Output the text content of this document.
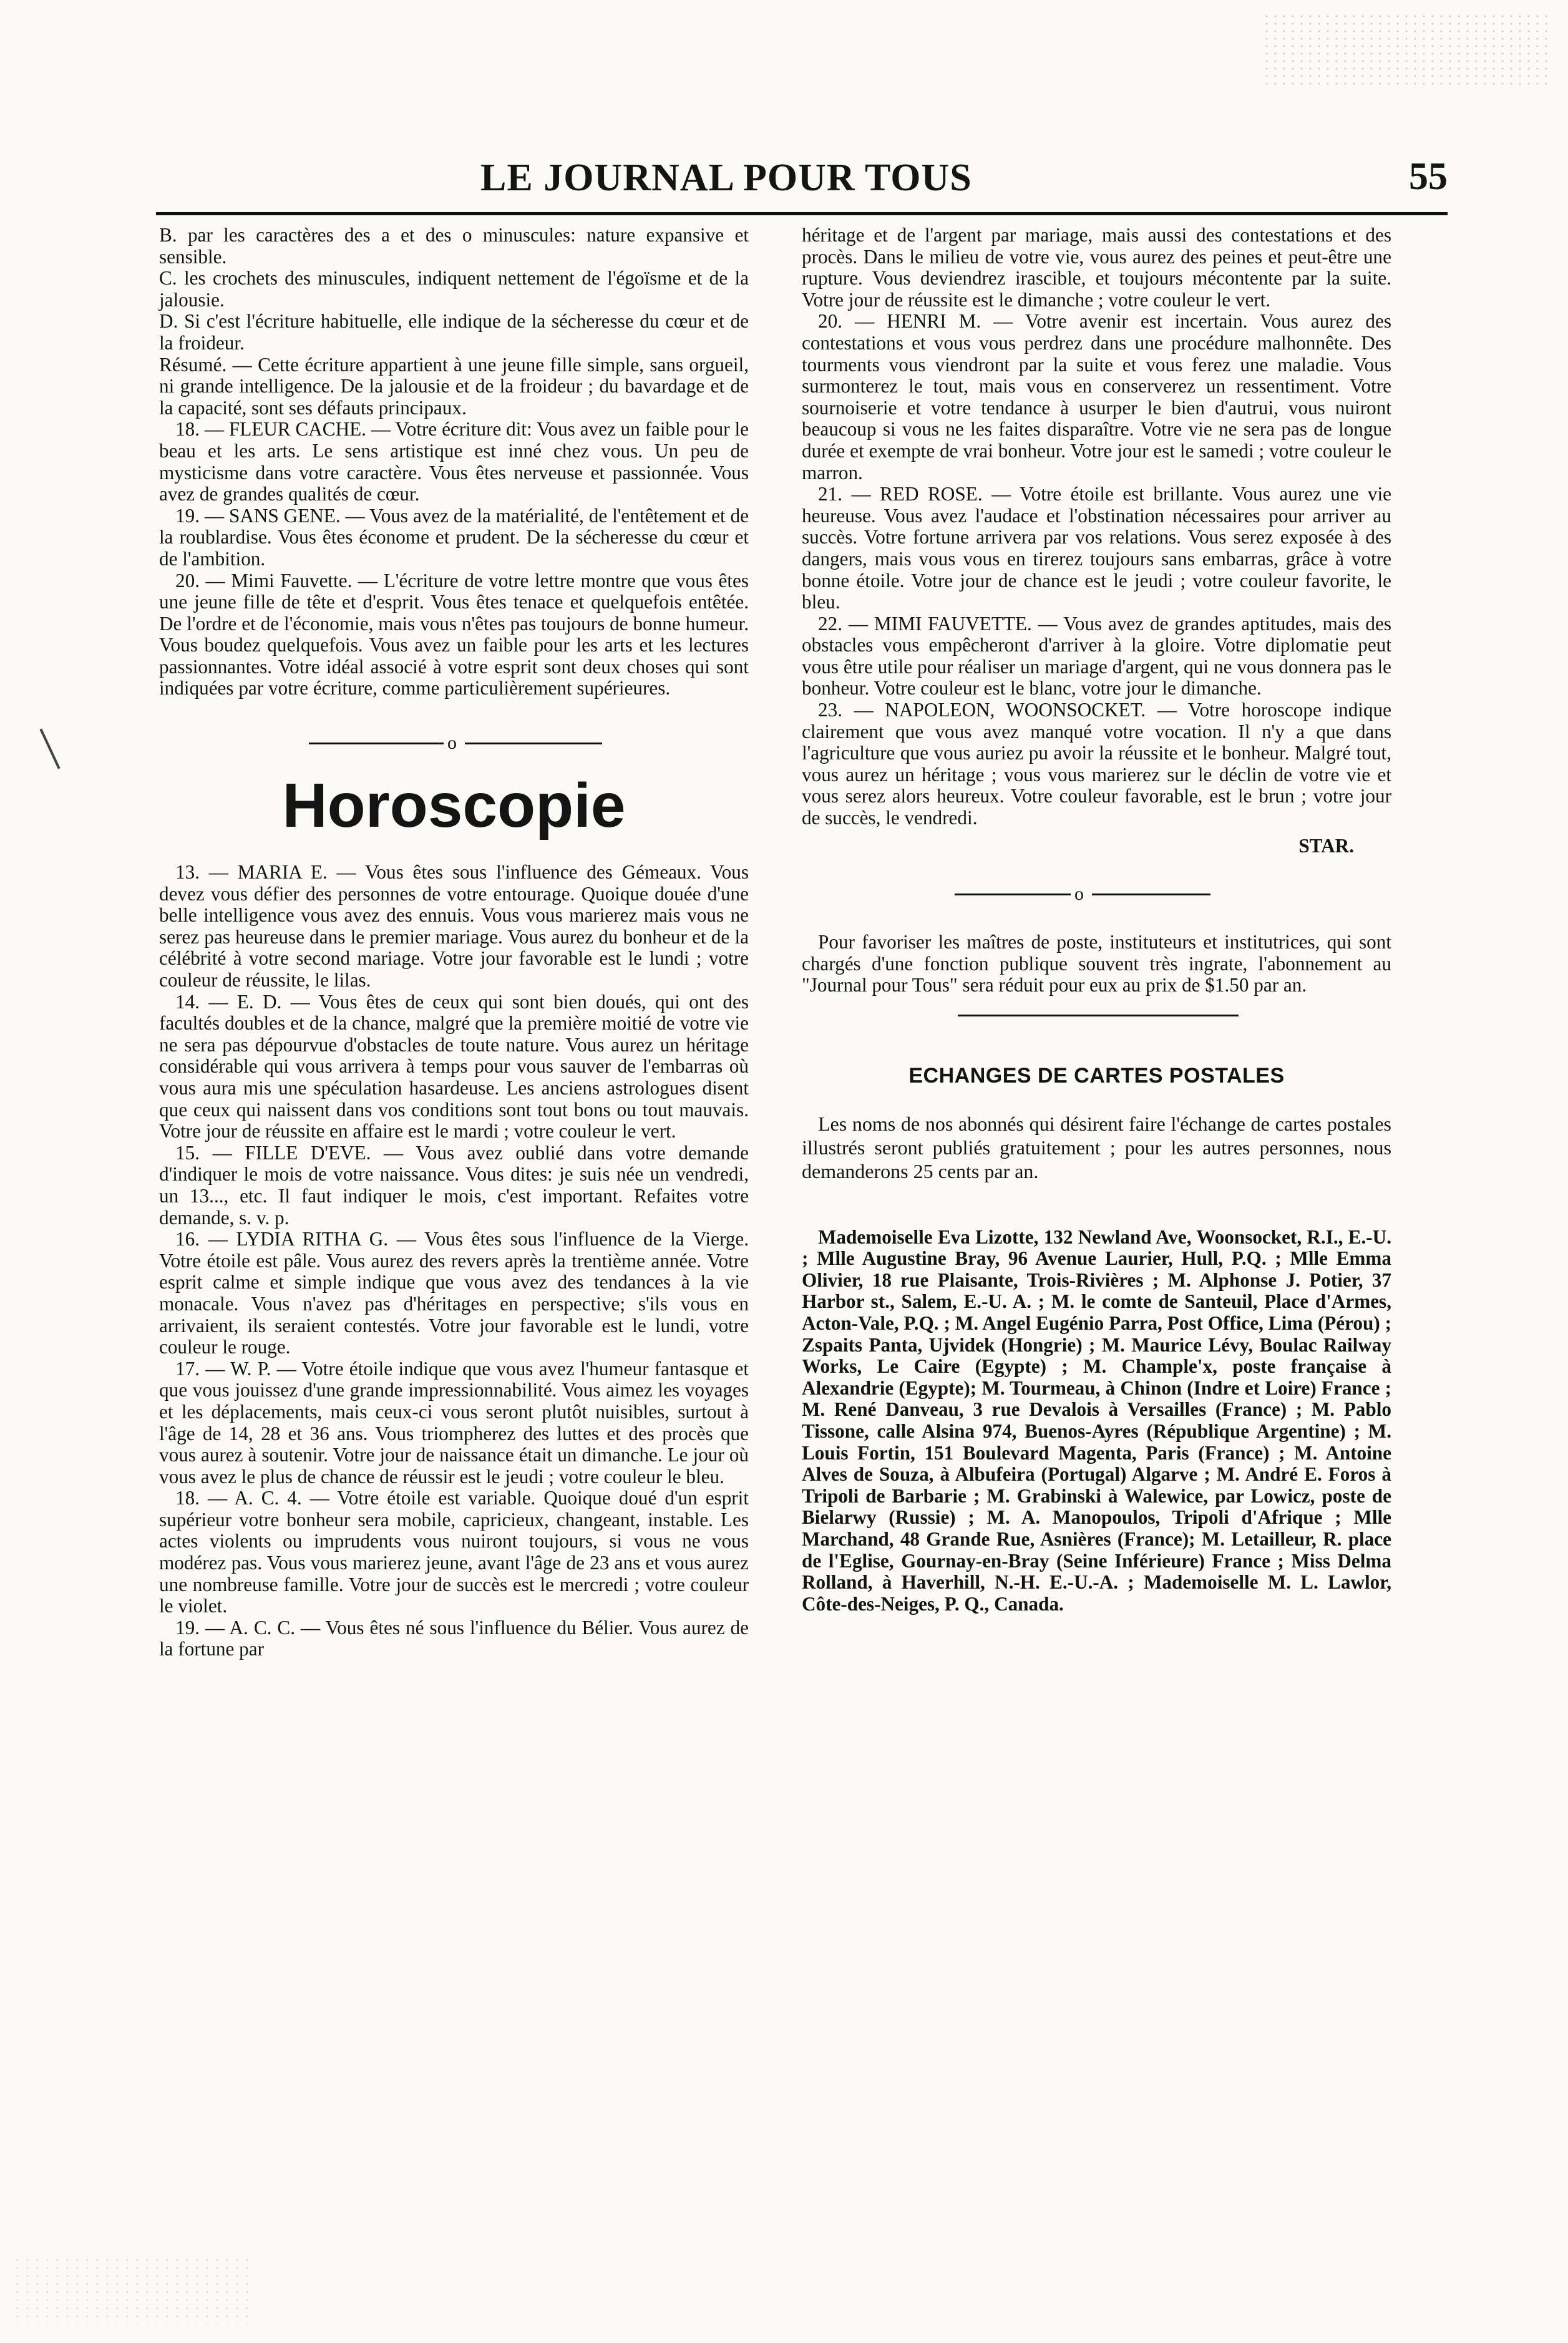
LE JOURNAL POUR TOUS	55

B. par les caractères des a et des o minuscules: nature expansive et sensible.

C. les crochets des minuscules, indiquent nettement de l'égoïsme et de la jalousie.

D. Si c'est l'écriture habituelle, elle indique de la sécheresse du cœur et de la froideur.

Résumé. — Cette écriture appartient à une jeune fille simple, sans orgueil, ni grande intelligence. De la jalousie et de la froideur ; du bavardage et de la capacité, sont ses défauts principaux.

18. — FLEUR CACHE. — Votre écriture dit: Vous avez un faible pour le beau et les arts. Le sens artistique est inné chez vous. Un peu de mysticisme dans votre caractère. Vous êtes nerveuse et passionnée. Vous avez de grandes qualités de cœur.

19. — SANS GENE. — Vous avez de la matérialité, de l'entêtement et de la roublardise. Vous êtes économe et prudent. De la sécheresse du cœur et de l'ambition.

20. — Mimi Fauvette. — L'écriture de votre lettre montre que vous êtes une jeune fille de tête et d'esprit. Vous êtes tenace et quelquefois entêtée. De l'ordre et de l'économie, mais vous n'êtes pas toujours de bonne humeur. Vous boudez quelquefois. Vous avez un faible pour les arts et les lectures passionnantes. Votre idéal associé à votre esprit sont deux choses qui sont indiquées par votre écriture, comme particulièrement supérieures.

o
Horoscopie

13. — MARIA E. — Vous êtes sous l'influence des Gémeaux. Vous devez vous défier des personnes de votre entourage. Quoique douée d'une belle intelligence vous avez des ennuis. Vous vous marierez mais vous ne serez pas heureuse dans le premier mariage. Vous aurez du bonheur et de la célébrité à votre second mariage. Votre jour favorable est le lundi ; votre couleur de réussite, le lilas.

14. — E. D. — Vous êtes de ceux qui sont bien doués, qui ont des facultés doubles et de la chance, malgré que la première moitié de votre vie ne sera pas dépourvue d'obstacles de toute nature. Vous aurez un héritage considérable qui vous arrivera à temps pour vous sauver de l'embarras où vous aura mis une spéculation hasardeuse. Les anciens astrologues disent que ceux qui naissent dans vos conditions sont tout bons ou tout mauvais. Votre jour de réussite en affaire est le mardi ; votre couleur le vert.

15. — FILLE D'EVE. — Vous avez oublié dans votre demande d'indiquer le mois de votre naissance. Vous dites: je suis née un vendredi, un 13..., etc. Il faut indiquer le mois, c'est important. Refaites votre demande, s. v. p.

16. — LYDIA RITHA G. — Vous êtes sous l'influence de la Vierge. Votre étoile est pâle. Vous aurez des revers après la trentième année. Votre esprit calme et simple indique que vous avez des tendances à la vie monacale. Vous n'avez pas d'héritages en perspective; s'ils vous en arrivaient, ils seraient contestés. Votre jour favorable est le lundi, votre couleur le rouge.

17. — W. P. — Votre étoile indique que vous avez l'humeur fantasque et que vous jouissez d'une grande impressionnabilité. Vous aimez les voyages et les déplacements, mais ceux-ci vous seront plutôt nuisibles, surtout à l'âge de 14, 28 et 36 ans. Vous triompherez des luttes et des procès que vous aurez à soutenir. Votre jour de naissance était un dimanche. Le jour où vous avez le plus de chance de réussir est le jeudi ; votre couleur le bleu.

18. — A. C. 4. — Votre étoile est variable. Quoique doué d'un esprit supérieur votre bonheur sera mobile, capricieux, changeant, instable. Les actes violents ou imprudents vous nuiront toujours, si vous ne vous modérez pas. Vous vous marierez jeune, avant l'âge de 23 ans et vous aurez une nombreuse famille. Votre jour de succès est le mercredi ; votre couleur le violet.

19. — A. C. C. — Vous êtes né sous l'influence du Bélier. Vous aurez de la fortune par

héritage et de l'argent par mariage, mais aussi des contestations et des procès. Dans le milieu de votre vie, vous aurez des peines et peut-être une rupture. Vous deviendrez irascible, et toujours mécontente par la suite. Votre jour de réussite est le dimanche ; votre couleur le vert.

20. — HENRI M. — Votre avenir est incertain. Vous aurez des contestations et vous vous perdrez dans une procédure malhonnête. Des tourments vous viendront par la suite et vous ferez une maladie. Vous surmonterez le tout, mais vous en conserverez un ressentiment. Votre sournoiserie et votre tendance à usurper le bien d'autrui, vous nuiront beaucoup si vous ne les faites disparaître. Votre vie ne sera pas de longue durée et exempte de vrai bonheur. Votre jour est le samedi ; votre couleur le marron.

21. — RED ROSE. — Votre étoile est brillante. Vous aurez une vie heureuse. Vous avez l'audace et l'obstination nécessaires pour arriver au succès. Votre fortune arrivera par vos relations. Vous serez exposée à des dangers, mais vous vous en tirerez toujours sans embarras, grâce à votre bonne étoile. Votre jour de chance est le jeudi ; votre couleur favorite, le bleu.

22. — MIMI FAUVETTE. — Vous avez de grandes aptitudes, mais des obstacles vous empêcheront d'arriver à la gloire. Votre diplomatie peut vous être utile pour réaliser un mariage d'argent, qui ne vous donnera pas le bonheur. Votre couleur est le blanc, votre jour le dimanche.

23. — NAPOLEON, WOONSOCKET. — Votre horoscope indique clairement que vous avez manqué votre vocation. Il n'y a que dans l'agriculture que vous auriez pu avoir la réussite et le bonheur. Malgré tout, vous aurez un héritage ; vous vous marierez sur le déclin de votre vie et vous serez alors heureux. Votre couleur favorable, est le brun ; votre jour de succès, le vendredi.

STAR.
o

Pour favoriser les maîtres de poste, instituteurs et institutrices, qui sont chargés d'une fonction publique souvent très ingrate, l'abonnement au "Journal pour Tous" sera réduit pour eux au prix de $1.50 par an.

ECHANGES DE CARTES POSTALES

Les noms de nos abonnés qui désirent faire l'échange de cartes postales illustrés seront publiés gratuitement ; pour les autres personnes, nous demanderons 25 cents par an.

Mademoiselle Eva Lizotte, 132 Newland Ave, Woonsocket, R.I., E.-U. ; Mlle Augustine Bray, 96 Avenue Laurier, Hull, P.Q. ; Mlle Emma Olivier, 18 rue Plaisante, Trois-Rivières ; M. Alphonse J. Potier, 37 Harbor st., Salem, E.-U. A. ; M. le comte de Santeuil, Place d'Armes, Acton-Vale, P.Q. ; M. Angel Eugénio Parra, Post Office, Lima (Pérou) ; Zspaits Panta, Ujvidek (Hongrie) ; M. Maurice Lévy, Boulac Railway Works, Le Caire (Egypte) ; M. Chample'x, poste française à Alexandrie (Egypte); M. Tourmeau, à Chinon (Indre et Loire) France ; M. René Danveau, 3 rue Devalois à Versailles (France) ; M. Pablo Tissone, calle Alsina 974, Buenos-Ayres (République Argentine) ; M. Louis Fortin, 151 Boulevard Magenta, Paris (France) ; M. Antoine Alves de Souza, à Albufeira (Portugal) Algarve ; M. André E. Foros à Tripoli de Barbarie ; M. Grabinski à Walewice, par Lowicz, poste de Bielarwy (Russie) ; M. A. Manopoulos, Tripoli d'Afrique ; Mlle Marchand, 48 Grande Rue, Asnières (France); M. Letailleur, R. place de l'Eglise, Gournay-en-Bray (Seine Inférieure) France ; Miss Delma Rolland, à Haverhill, N.-H. E.-U.-A. ; Mademoiselle M. L. Lawlor, Côte-des-Neiges, P. Q., Canada.
